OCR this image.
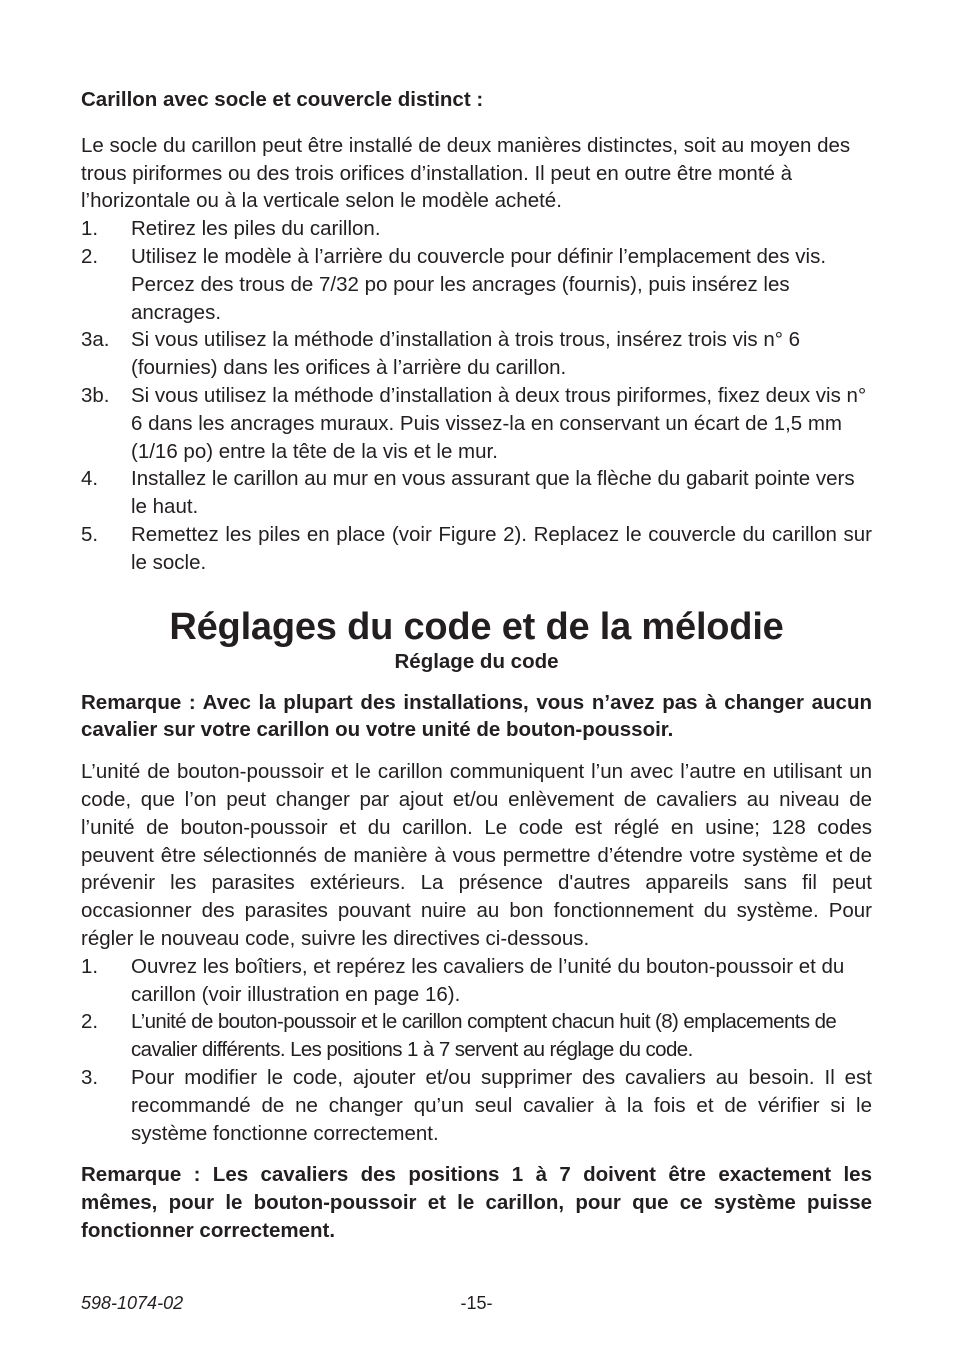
Carillon avec socle et couvercle distinct :

Le socle du carillon peut être installé de deux manières distinctes, soit au moyen des trous piriformes ou des trois orifices d’installation. Il peut en outre être monté à l’horizontale ou à la verticale selon le modèle acheté.

1.	Retirez les piles du carillon.
2.	Utilisez le modèle à l’arrière du couvercle pour définir l’emplacement des vis. Percez des trous de 7/32 po pour les ancrages (fournis), puis insérez les ancrages.
3a.	Si vous utilisez la méthode d’installation à trois trous, insérez trois vis n° 6 (fournies) dans les orifices à l’arrière du carillon.
3b.	Si vous utilisez la méthode d’installation à deux trous piriformes, fixez deux vis n° 6 dans les ancrages muraux. Puis vissez-la en conservant un écart de 1,5 mm (1/16 po) entre la tête de la vis et le mur.
4.	Installez le carillon au mur en vous assurant que la flèche du gabarit pointe vers le haut.
5.	Remettez les piles en place (voir Figure 2). Replacez le couvercle du carillon sur le socle.
Réglages du code et de la mélodie
Réglage du code

Remarque : Avec la plupart des installations, vous n’avez pas à changer aucun cavalier sur votre carillon ou votre unité de bouton-poussoir.

L’unité de bouton-poussoir et le carillon communiquent l’un avec l’autre en utilisant un code, que l’on peut changer par ajout et/ou enlèvement de cavaliers au niveau de l’unité de bouton-poussoir et du carillon. Le code est réglé en usine; 128 codes peuvent être sélectionnés de manière à vous permettre d’étendre votre système et de prévenir les parasites extérieurs. La présence d'autres appareils sans fil peut occasionner des parasites pouvant nuire au bon fonctionnement du système. Pour régler le nouveau code, suivre les directives ci-dessous.

1.	Ouvrez les boîtiers, et repérez les cavaliers de l’unité du bouton-poussoir et du carillon (voir illustration en page 16).
2.	L’unité de bouton-poussoir et le carillon comptent chacun huit (8) emplacements de cavalier différents. Les positions 1 à 7 servent au réglage du code.
3.	Pour modifier le code, ajouter et/ou supprimer des cavaliers au besoin. Il est recommandé de ne changer qu’un seul cavalier à la fois et de vérifier si le système fonctionne correctement.

Remarque : Les cavaliers des positions 1 à 7 doivent être exactement les mêmes, pour le bouton-poussoir et le carillon, pour que ce système puisse fonctionner correctement.

598-1074-02	-15-
